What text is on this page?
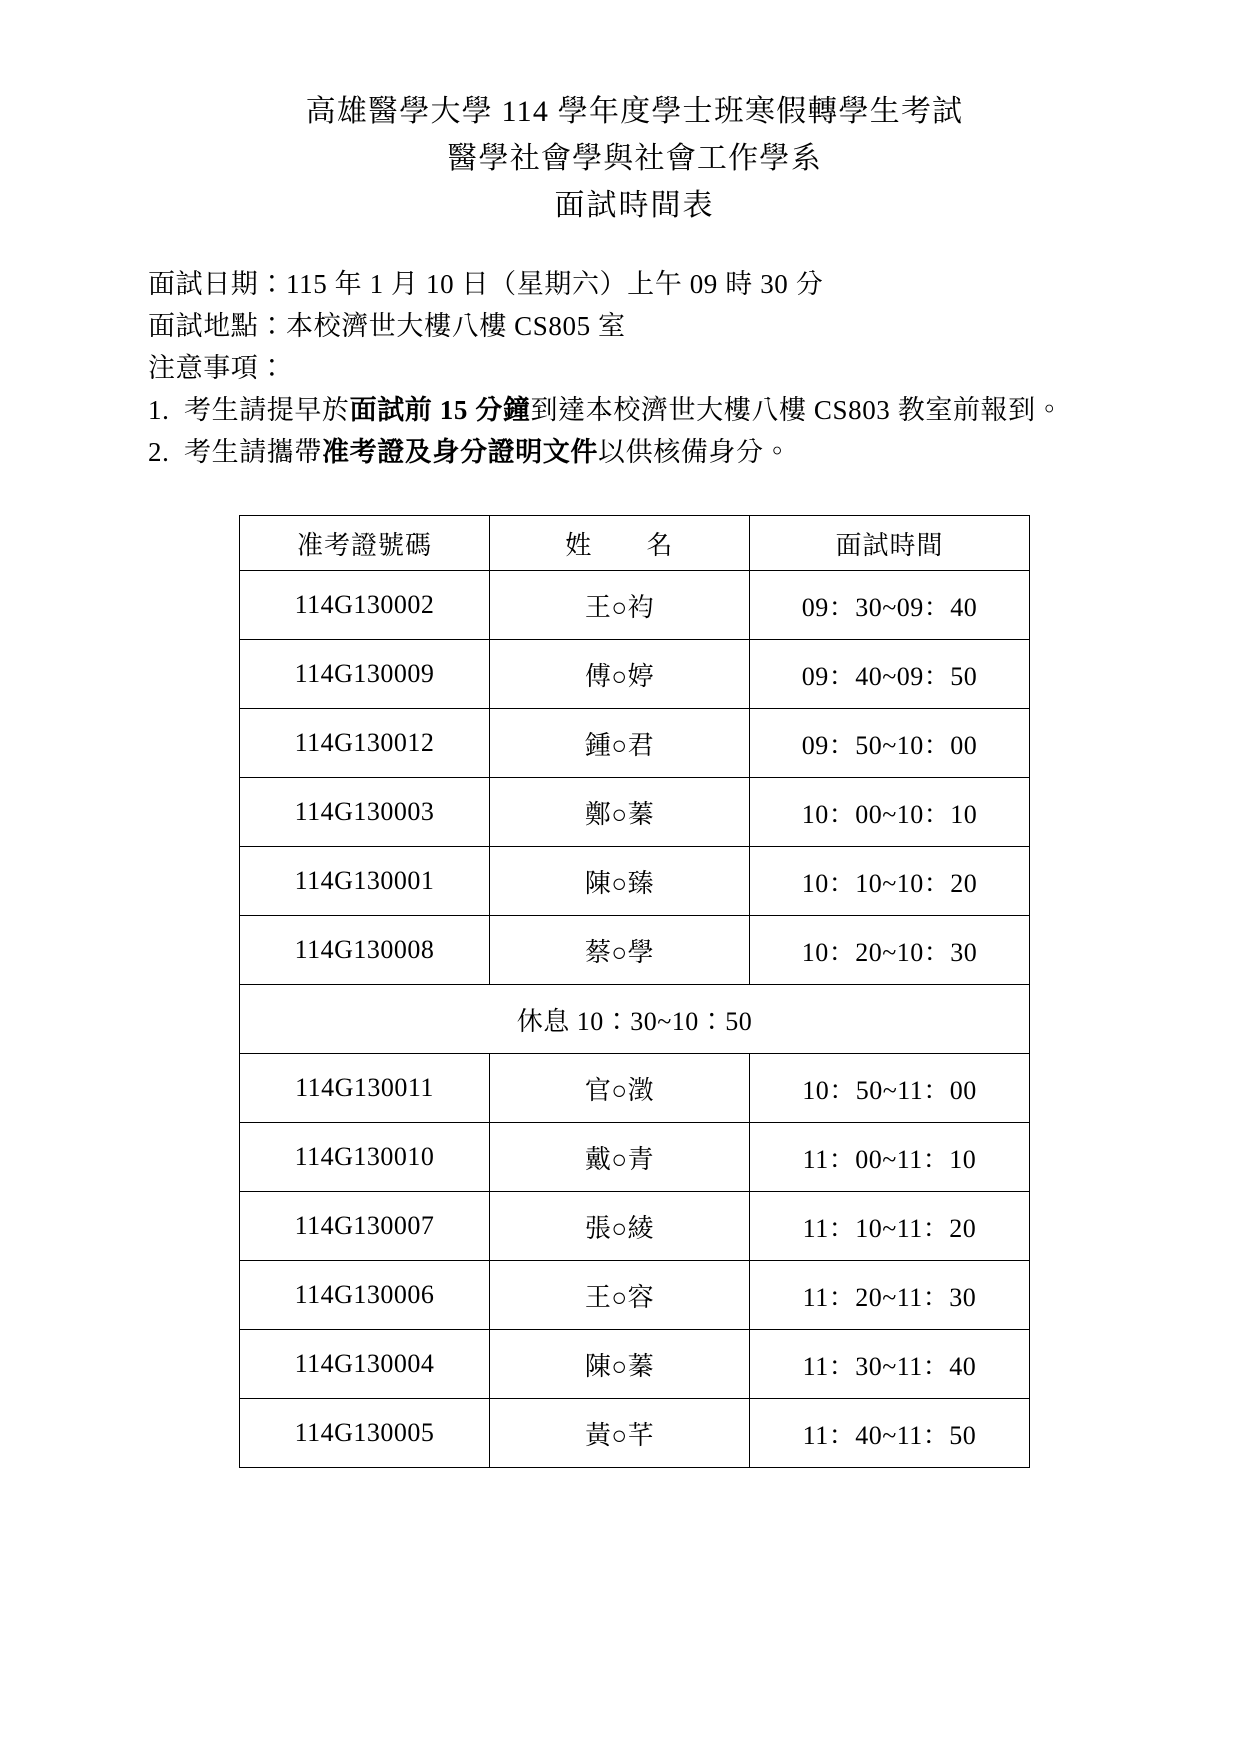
高雄醫學大學 114 學年度學士班寒假轉學生考試
醫學社會學與社會工作學系
面試時間表
面試日期：115 年 1 月 10 日（星期六）上午 09 時 30 分
面試地點：本校濟世大樓八樓 CS805 室
注意事項：
1. 考生請提早於面試前 15 分鐘到達本校濟世大樓八樓 CS803 教室前報到。
2. 考生請攜帶准考證及身分證明文件以供核備身分。
准考證號碼	姓　　名	面試時間
114G130002	王○袀	09：30~09：40
114G130009	傅○婷	09：40~09：50
114G130012	鍾○君	09：50~10：00
114G130003	鄭○蓁	10：00~10：10
114G130001	陳○臻	10：10~10：20
114G130008	蔡○學	10：20~10：30
休息 10：30~10：50		
114G130011	官○澂	10：50~11：00
114G130010	戴○青	11：00~11：10
114G130007	張○綾	11：10~11：20
114G130006	王○容	11：20~11：30
114G130004	陳○蓁	11：30~11：40
114G130005	黃○芊	11：40~11：50
